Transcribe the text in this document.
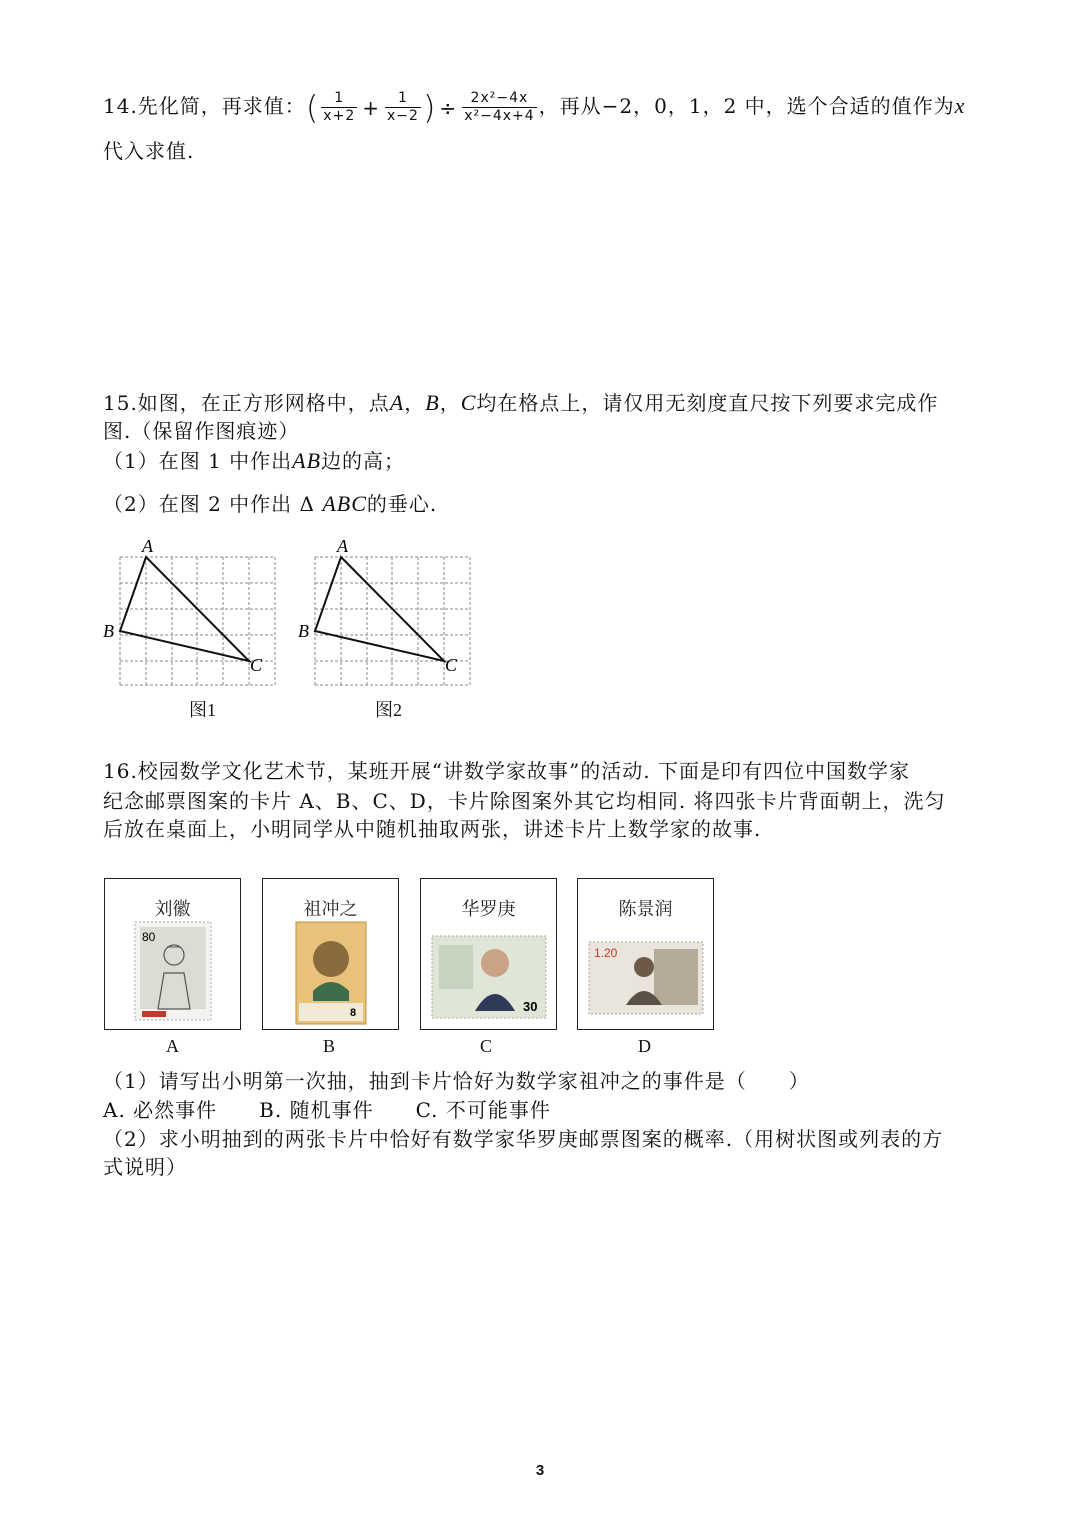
14.先化简，再求值：( $\frac{1}{x+2} + \frac{1}{x-2}$ ) ÷ $\frac{\text{2x²−4x}}{\text{x²−4x+4}}$ ，再从−2，0，1，2 中，选个合适的值作为x
代入求值.
15.如图，在正方形网格中，点A，B，C均在格点上，请仅用无刻度直尺按下列要求完成作
图.（保留作图痕迹）
（1）在图 1 中作出AB边的高；
（2）在图 2 中作出 Δ ABC的垂心.
A
B
C
图1
A
B
C
图2
16.校园数学文化艺术节，某班开展“讲数学家故事”的活动. 下面是印有四位中国数学家
纪念邮票图案的卡片 A、B、C、D，卡片除图案外其它均相同. 将四张卡片背面朝上，洗匀
后放在桌面上，小明同学从中随机抽取两张，讲述卡片上数学家的故事.
刘徽
80
A
祖冲之
8
B
华罗庚
30
C
陈景润
1.20
D
（1）请写出小明第一次抽，抽到卡片恰好为数学家祖冲之的事件是（　　）
A. 必然事件　　B. 随机事件　　C. 不可能事件
（2）求小明抽到的两张卡片中恰好有数学家华罗庚邮票图案的概率.（用树状图或列表的方
式说明）
3
